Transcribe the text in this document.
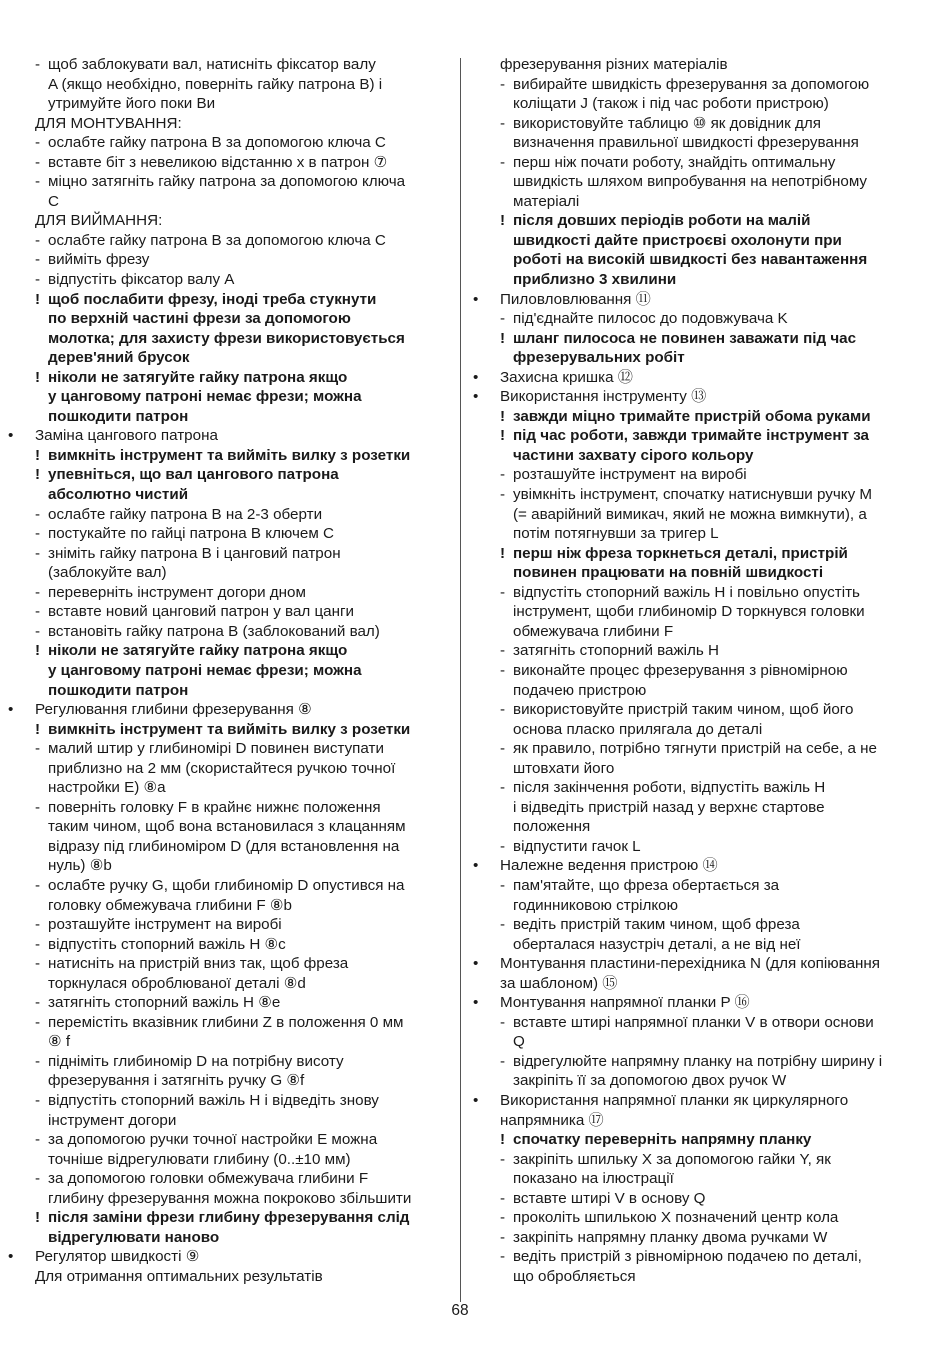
- щоб заблокувати вал, натисніть фіксатор валу
A (якщо необхідно, поверніть гайку патрона B) і
утримуйте його поки Ви
ДЛЯ МОНТУВАННЯ:
- ослабте гайку патрона B за допомогою ключа C
- вставте біт з невеликою відстанню x в патрон ⑦
- міцно затягніть гайку патрона за допомогою ключа
C
ДЛЯ ВИЙМАННЯ:
- ослабте гайку патрона B за допомогою ключа C
- вийміть фрезу
- відпустіть фіксатор валу A
! щоб послабити фрезу, іноді треба стукнути
по верхній частині фрези за допомогою
молотка; для захисту фрези використовується
дерев'яний брусок
! ніколи не затягуйте гайку патрона якщо
у цанговому патроні немає фрези; можна
пошкодити патрон
• Заміна цангового патрона
! вимкніть інструмент та вийміть вилку з розетки
! упевніться, що вал цангового патрона
абсолютно чистий
- ослабте гайку патрона B на 2-3 оберти
- постукайте по гайці патрона B ключем C
- зніміть гайку патрона B і цанговий патрон
(заблокуйте вал)
- переверніть інструмент догори дном
- вставте новий цанговий патрон у вал цанги
- встановіть гайку патрона B (заблокований вал)
! ніколи не затягуйте гайку патрона якщо
у цанговому патроні немає фрези; можна
пошкодити патрон
• Регулювання глибини фрезерування ⑧
! вимкніть інструмент та вийміть вилку з розетки
- малий штир у глибиномірі D повинен виступати
приблизно на 2 мм (скористайтеся ручкою точної
настройки E) ⑧a
- поверніть головку F в крайнє нижнє положення
таким чином, щоб вона встановилася з клацанням
відразу під глибиноміром D (для встановлення на
нуль) ⑧b
- ослабте ручку G, щоби глибиномір D опустився на
головку обмежувача глибини F ⑧b
- розташуйте інструмент на виробі
- відпустіть стопорний важіль H ⑧c
- натисніть на пристрій вниз так, щоб фреза
торкнулася оброблюваної деталі ⑧d
- затягніть стопорний важіль H ⑧e
- перемістіть вказівник глибини Z в положення 0 мм
⑧ f
- підніміть глибиномір D на потрібну висоту
фрезерування і затягніть ручку G ⑧f
- відпустіть стопорний важіль H і відведіть знову
інструмент догори
- за допомогою ручки точної настройки E можна
точніше відрегулювати глибину (0..±10 мм)
- за допомогою головки обмежувача глибини F
глибину фрезерування можна покроково збільшити
! після заміни фрези глибину фрезерування слід
відрегулювати наново
• Регулятор швидкості ⑨
Для отримання оптимальних результатів
фрезерування різних матеріалів
- вибирайте швидкість фрезерування за допомогою
коліщати J (також і під час роботи пристрою)
- використовуйте таблицю ⑩ як довідник для
визначення правильної швидкості фрезерування
- перш ніж почати роботу, знайдіть оптимальну
швидкість шляхом випробування на непотрібному
матеріалі
! після довших періодів роботи на малій
швидкості дайте пристроєві охолонути при
роботі на високій швидкості без навантаження
приблизно 3 хвилини
• Пиловловлювання ⑪
- під'єднайте пилосос до подовжувача K
! шланг пилососа не повинен заважати під час
фрезерувальних робіт
• Захисна кришка ⑫
• Використання інструменту ⑬
! завжди міцно тримайте пристрій обома руками
! під час роботи, завжди тримайте інструмент за
частини захвату сірого кольору
- розташуйте інструмент на виробі
- увімкніть інструмент, спочатку натиснувши ручку M
(= аварійний вимикач, який не можна вимкнути), а
потім потягнувши за тригер L
! перш ніж фреза торкнеться деталі, пристрій
повинен працювати на повній швидкості
- відпустіть стопорний важіль H і повільно опустіть
інструмент, щоби глибиномір D торкнувся головки
обмежувача глибини F
- затягніть стопорний важіль H
- виконайте процес фрезерування з рівномірною
подачею пристрою
- використовуйте пристрій таким чином, щоб його
основа пласко прилягала до деталі
- як правило, потрібно тягнути пристрій на себе, а не
штовхати його
- після закінчення роботи, відпустіть важіль H
і відведіть пристрій назад у верхнє стартове
положення
- відпустити гачок L
• Належне ведення пристрою ⑭
- пам'ятайте, що фреза обертається за
годинниковою стрілкою
- ведіть пристрій таким чином, щоб фреза
оберталася назустріч деталі, а не від неї
• Монтування пластини-перехідника N (для копіювання
за шаблоном) ⑮
• Монтування напрямної планки P ⑯
- вставте штирі напрямної планки V в отвори основи
Q
- відрегулюйте напрямну планку на потрібну ширину і
закріпіть її за допомогою двох ручок W
• Використання напрямної планки як циркулярного
напрямника ⑰
! спочатку переверніть напрямну планку
- закріпіть шпильку X за допомогою гайки Y, як
показано на ілюстрації
- вставте штирі V в основу Q
- проколіть шпилькою X позначений центр кола
- закріпіть напрямну планку двома ручками W
- ведіть пристрій з рівномірною подачею по деталі,
що обробляється
68
